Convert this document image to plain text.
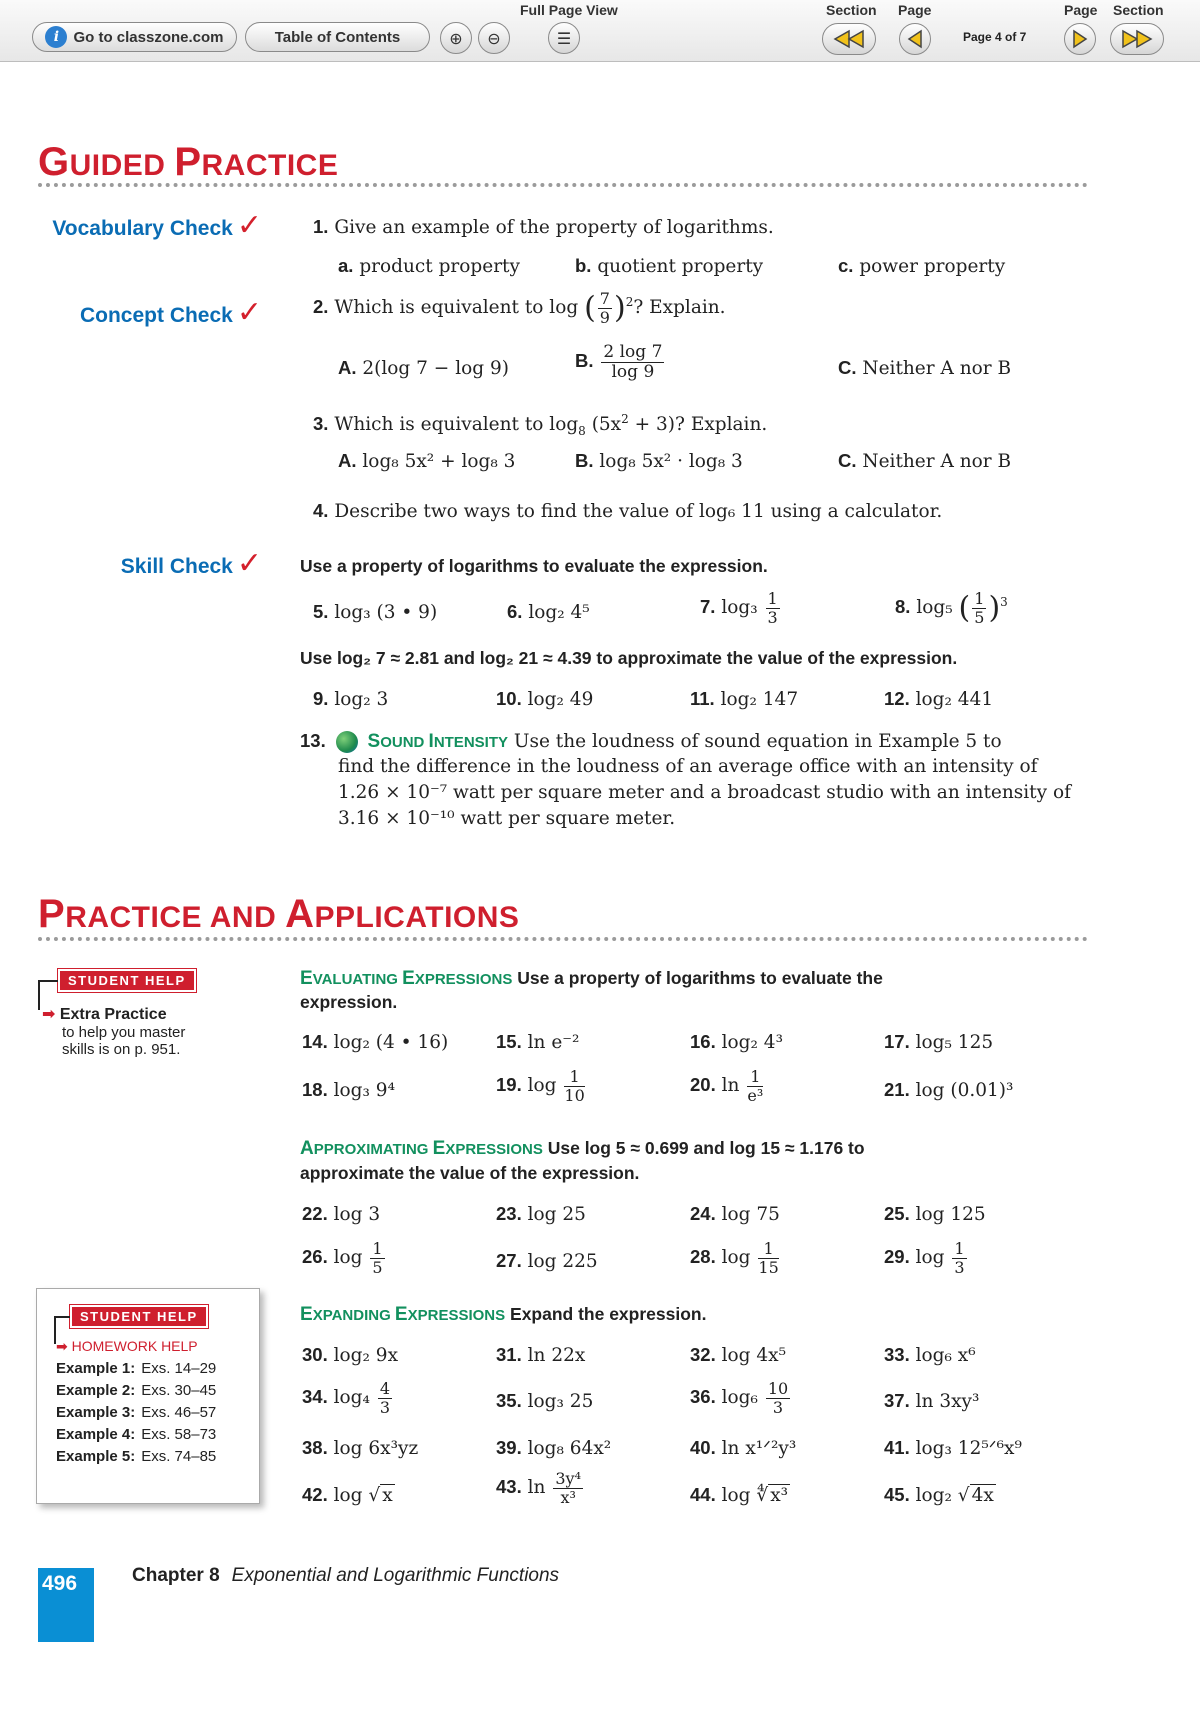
i Go to classzone.com	Table of Contents	⊕ ⊖
Full Page View
☰
Section Page
Page 4 of 7
Page Section
GUIDED PRACTICE
Vocabulary Check ✓
Concept Check ✓
Skill Check ✓
1. Give an example of the property of logarithms.
a. product property	b. quotient property	c. power property
2. Which is equivalent to log ( $\frac{7}{9} )^2$? Explain.
A. 2(log 7 − log 9)	B. $\frac{2 \log 7}{\log 9}$	C. Neither A nor B
3. Which is equivalent to $\log_8 (5x^2 + 3)$? Explain.
A. log₈ 5x² + log₈ 3	B. log₈ 5x² · log₈ 3	C. Neither A nor B
4. Describe two ways to find the value of log₆ 11 using a calculator.
Use a property of logarithms to evaluate the expression.
5. log₃ (3 • 9)	6. log₂ 4⁵	7. $\log_3 \frac{1}{3}$	8. log₅ ( $\frac{1}{5} )^3$
Use log₂ 7 ≈ 2.81 and log₂ 21 ≈ 4.39 to approximate the value of the expression.
9. log₂ 3	10. log₂ 49	11. log₂ 147	12. log₂ 441
13. SOUND INTENSITY Use the loudness of sound equation in Example 5 to
find the difference in the loudness of an average office with an intensity of
1.26 × 10⁻⁷ watt per square meter and a broadcast studio with an intensity of
3.16 × 10⁻¹⁰ watt per square meter.
PRACTICE AND APPLICATIONS
STUDENT HELP
➡ Extra Practice
to help you master
skills is on p. 951.
STUDENT HELP
➡ HOMEWORK HELP
Example 1: Exs. 14–29
Example 2: Exs. 30–45
Example 3: Exs. 46–57
Example 4: Exs. 58–73
Example 5: Exs. 74–85
EVALUATING EXPRESSIONS Use a property of logarithms to evaluate the
expression.
14. log₂ (4 • 16)	15. ln e⁻²	16. log₂ 4³	17. log₅ 125
18. log₃ 9⁴	19. $\log \frac{1}{10}$	20. $\ln \frac{1}{\text{e³}}$	21. log (0.01)³
APPROXIMATING EXPRESSIONS Use log 5 ≈ 0.699 and log 15 ≈ 1.176 to
approximate the value of the expression.
22. log 3	23. log 25	24. log 75	25. log 125
26. $\log \frac{1}{5}$	27. log 225	28. $\log \frac{1}{15}$	29. $\log \frac{1}{3}$
EXPANDING EXPRESSIONS Expand the expression.
30. log₂ 9x	31. ln 22x	32. log 4x⁵	33. log₆ x⁶
34. $\log_4 \frac{4}{3}$	35. log₃ 25	36. $\log_6 \frac{10}{3}$	37. ln 3xy³
38. log 6x³yz	39. log₈ 64x²	40. ln x¹ᐟ²y³	41. log₃ 12⁵ᐟ⁶x⁹
42. log √ x	43. $\ln \frac{\text{3y⁴}}{\text{x³}}$	44. log ∜ x³	45. log₂ √ 4x
496	Chapter 8 Exponential and Logarithmic Functions
